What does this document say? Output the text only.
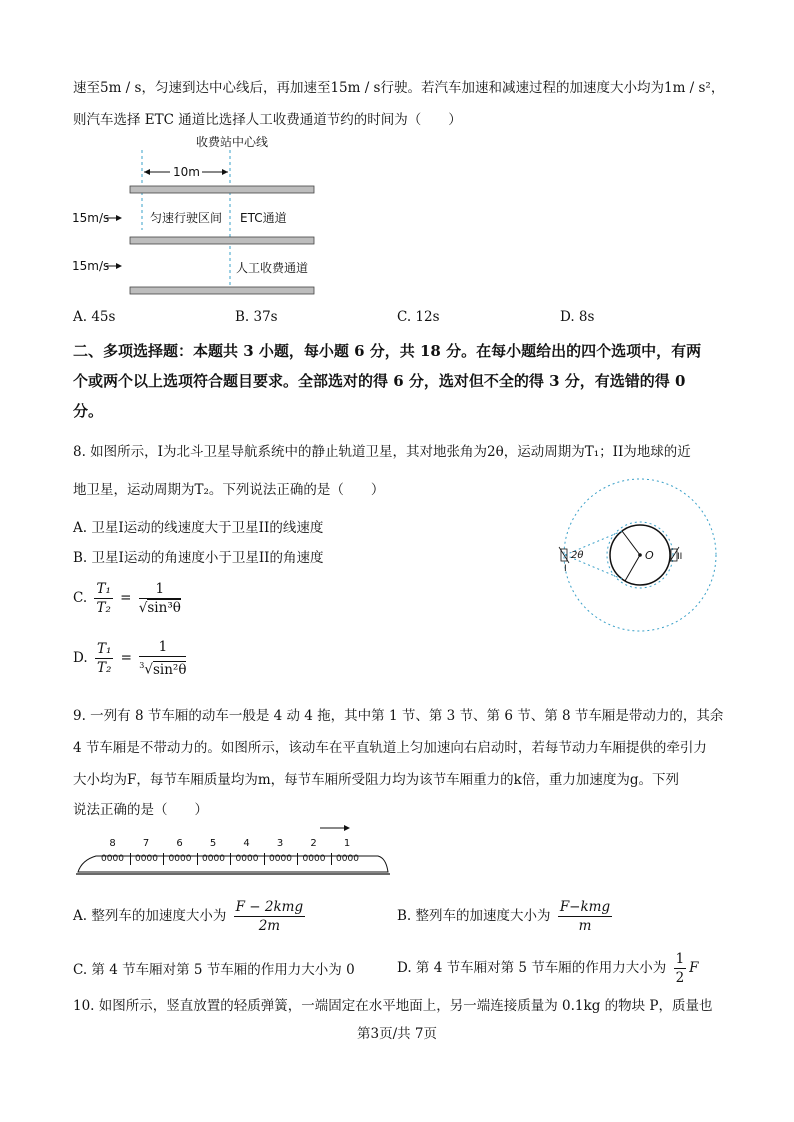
速至5m / s，匀速到达中心线后，再加速至15m / s行驶。若汽车加速和减速过程的加速度大小均为1m / s²，
则汽车选择 ETC 通道比选择人工收费通道节约的时间为（　　）
收费站中心线
10m
15m/s	匀速行驶区间 ETC通道
15m/s	人工收费通道
A. 45s	B. 37s	C. 12s	D. 8s
二、多项选择题：本题共 3 小题，每小题 6 分，共 18 分。在每小题给出的四个选项中，有两
个或两个以上选项符合题目要求。全部选对的得 6 分，选对但不全的得 3 分，有选错的得 0
分。
8. 如图所示，I为北斗卫星导航系统中的静止轨道卫星，其对地张角为2θ，运动周期为T₁；II为地球的近
地卫星，运动周期为T₂。下列说法正确的是（　　）
A. 卫星I运动的线速度大于卫星II的线速度
B. 卫星I运动的角速度小于卫星II的角速度
C. $\frac{\text{T₁}}{\text{T₂}} = \frac{1}{\text{√sin³θ}}$
D. $\frac{\text{T₁}}{\text{T₂}} = \frac{1}{^3√\sin^2\theta}$
O
I
2θ	II
9. 一列有 8 节车厢的动车一般是 4 动 4 拖，其中第 1 节、第 3 节、第 6 节、第 8 节车厢是带动力的，其余
4 节车厢是不带动力的。如图所示，该动车在平直轨道上匀加速向右启动时，若每节动力车厢提供的牵引力
大小均为F，每节车厢质量均为m，每节车厢所受阻力均为该节车厢重力的k倍，重力加速度为g。下列
说法正确的是（　　）
8
0000
7
0000
6
0000
5
0000
4
0000
3
0000
2
0000
1
0000
A. 整列车的加速度大小为 $\frac{\text{F − 2kmg}}{2m}$	B. 整列车的加速度大小为 $\frac{\text{F−kmg}}{m}$
C. 第 4 节车厢对第 5 节车厢的作用力大小为 0	D. 第 4 节车厢对第 5 节车厢的作用力大小为 $\frac{1}{2}$ F
10. 如图所示，竖直放置的轻质弹簧，一端固定在水平地面上，另一端连接质量为 0.1kg 的物块 P，质量也
第3页/共 7页
